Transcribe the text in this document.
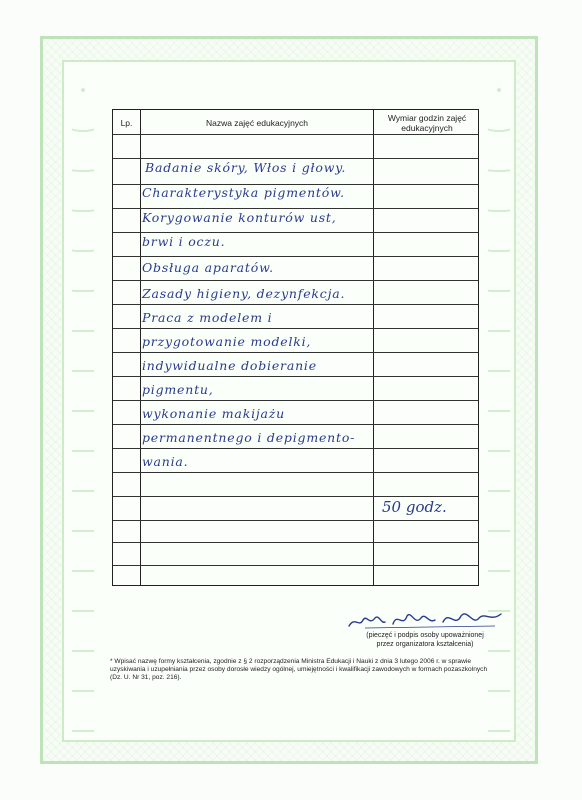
Lp.	Nazwa zajęć edukacyjnych	Wymiar godzin zajęć edukacyjnych
Badanie skóry, Włos i głowy.
Charakterystyka pigmentów.
Korygowanie konturów ust,
brwi i oczu.
Obsługa aparatów.
Zasady higieny, dezynfekcja.
Praca z modelem i
przygotowanie modelki,
indywidualne dobieranie
pigmentu,
wykonanie makijażu
permanentnego i depigmento-
wania.
50 godz.
(pieczęć i podpis osoby upoważnionej
przez organizatora kształcenia)
* Wpisać nazwę formy kształcenia, zgodnie z § 2 rozporządzenia Ministra Edukacji i Nauki z dnia 3 lutego 2006 r. w sprawie uzyskiwania i uzupełniania przez osoby dorosłe wiedzy ogólnej, umiejętności i kwalifikacji zawodowych w formach pozaszkolnych (Dz. U. Nr 31, poz. 216).
